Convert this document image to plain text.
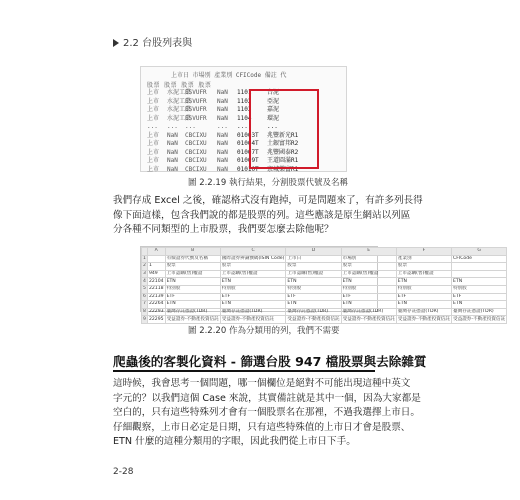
2.2 台股列表與
上市日 市場別 產業別 CFICode 備註 代
股票 股票 股票 股票
上市 水泥工業ESVUFR NaN 1101	台泥
上市 水泥工業ESVUFR NaN 1102	亞泥
上市 水泥工業ESVUFR NaN 1103	嘉泥
上市 水泥工業ESVUFR NaN 1104	環泥
... ... ...	... ...	...
上市 NaN CBCIXU NaN 01003T 兆豐新光R1
上市 NaN CBCIXU NaN 01004T 土銀富邦R2
上市 NaN CBCIXU NaN 01007T 兆豐國泰R2
上市 NaN CBCIXU NaN 01009T 王道圓滿R1
上市 NaN CBCIXU NaN 01010T 京城樂富R1
圖 2.2.19 執行結果，分割股票代號及名稱
我們存成 Excel 之後，確認格式沒有跑掉，可是問題來了，有許多列長得
像下面這樣，包含我們說的都是股票的列。這些應該是原生網站以列區
分各種不同類型的上市股票，我們要怎麼去除他呢？
	A	B	C	D	E	F	G
1		有價證券代號及名稱	國際證券辨識號碼(ISIN Code)	上市日	市場別	產業別	CFICode
2	1	股票	股票	股票	股票	股票	
3	949	上市認購(售)權證	上市認購(售)權證	上市認購(售)權證	上市認購(售)權證	上市認購(售)權證	
4	22104	ETN	ETN	ETN	ETN	ETN	ETN
5	22118	特別股	特別股	特別股	特別股	特別股	特別股
6	22139	ETF	ETF	ETF	ETF	ETF	ETF
7	22264	ETN	ETN	ETN	ETN	ETN	ETN
8	22293	臺灣存託憑證(TDR)	臺灣存託憑證(TDR)	臺灣存託憑證(TDR)	臺灣存託憑證(TDR)	臺灣存託憑證(TDR)	臺灣存託憑證(TDR)
9	22295	受益證券-不動產投資信託	受益證券-不動產投資信託	受益證券-不動產投資信託	受益證券-不動產投資信託	受益證券-不動產投資信託	受益證券-不動產投資信託
圖 2.2.20 作為分類用的列，我們不需要
爬蟲後的客製化資料 - 篩選台股 947 檔股票與去除雜質
這時候，我會思考一個問題，哪一個欄位是絕對不可能出現這種中英文
字元的？以我們這個 Case 來說，其實備註就是其中一個，因為大家都是
空白的，只有這些特殊列才會有一個股票名在那裡，不過我選擇上市日。
仔細觀察，上市日必定是日期，只有這些特殊值的上市日才會是股票、
ETN 什麼的這種分類用的字眼，因此我們從上市日下手。
2-28
